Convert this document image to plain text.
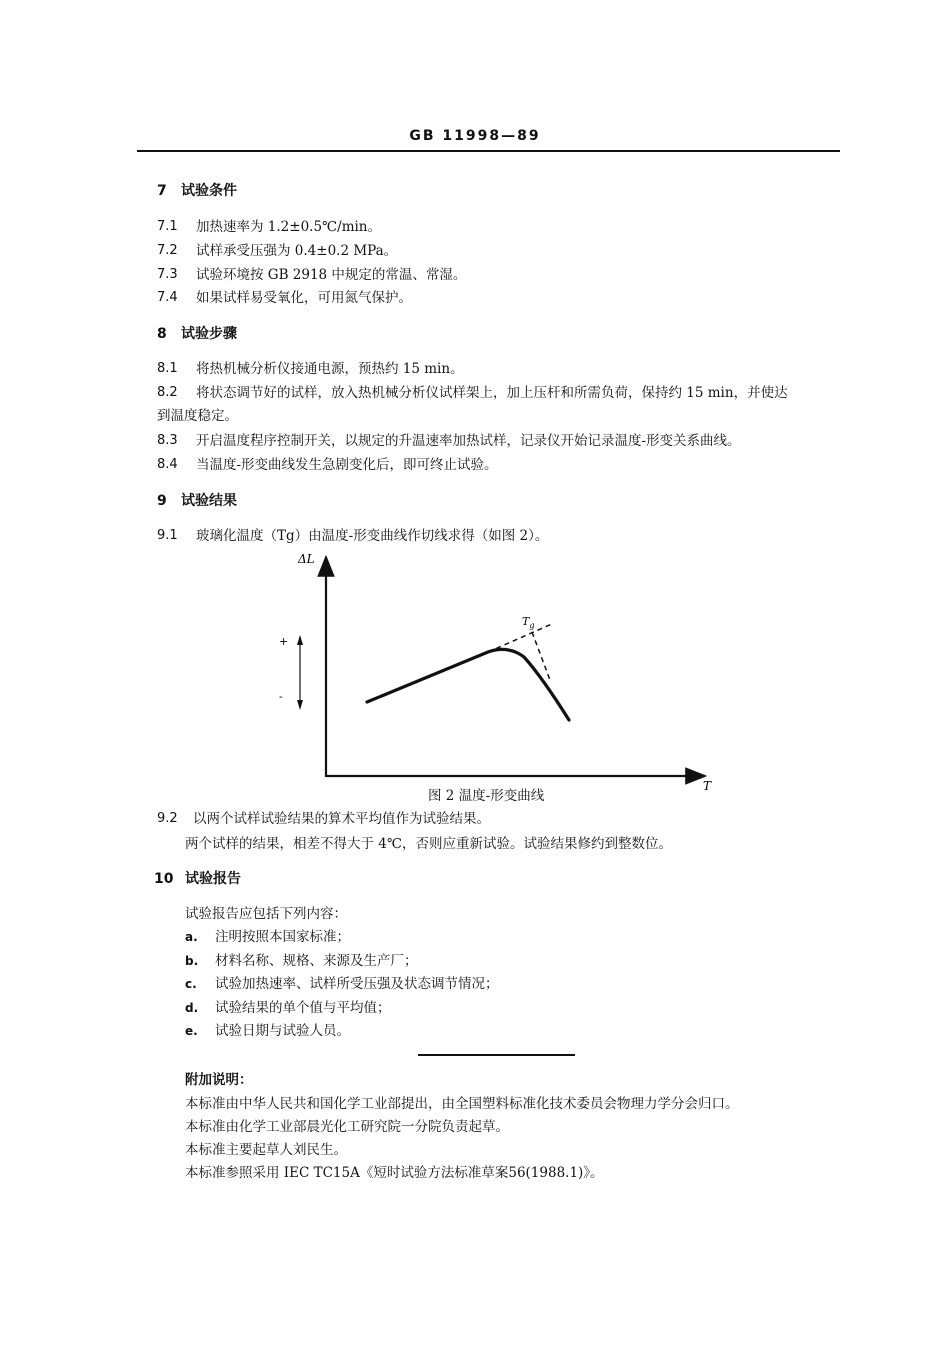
GB 11998—89
7 试验条件
7.1 加热速率为 1.2±0.5℃/min。
7.2 试样承受压强为 0.4±0.2 MPa。
7.3 试验环境按 GB 2918 中规定的常温、常湿。
7.4 如果试样易受氧化，可用氮气保护。
8 试验步骤
8.1 将热机械分析仪接通电源，预热约 15 min。
8.2 将状态调节好的试样，放入热机械分析仪试样架上，加上压杆和所需负荷，保持约 15 min，并使达
到温度稳定。
8.3 开启温度程序控制开关，以规定的升温速率加热试样，记录仪开始记录温度-形变关系曲线。
8.4 当温度-形变曲线发生急剧变化后，即可终止试验。
9 试验结果
9.1 玻璃化温度（Tg）由温度-形变曲线作切线求得（如图 2）。
ΔL
T
+
-
$T_g$
图 2 温度-形变曲线
9.2 以两个试样试验结果的算术平均值作为试验结果。
两个试样的结果，相差不得大于 4℃，否则应重新试验。试验结果修约到整数位。
10 试验报告
试验报告应包括下列内容：
a. 注明按照本国家标准；
b. 材料名称、规格、来源及生产厂；
c. 试验加热速率、试样所受压强及状态调节情况；
d. 试验结果的单个值与平均值；
e. 试验日期与试验人员。
附加说明：
本标准由中华人民共和国化学工业部提出，由全国塑料标准化技术委员会物理力学分会归口。
本标准由化学工业部晨光化工研究院一分院负责起草。
本标准主要起草人刘民生。
本标准参照采用 IEC TC15A《短时试验方法标准草案56(1988.1)》。
